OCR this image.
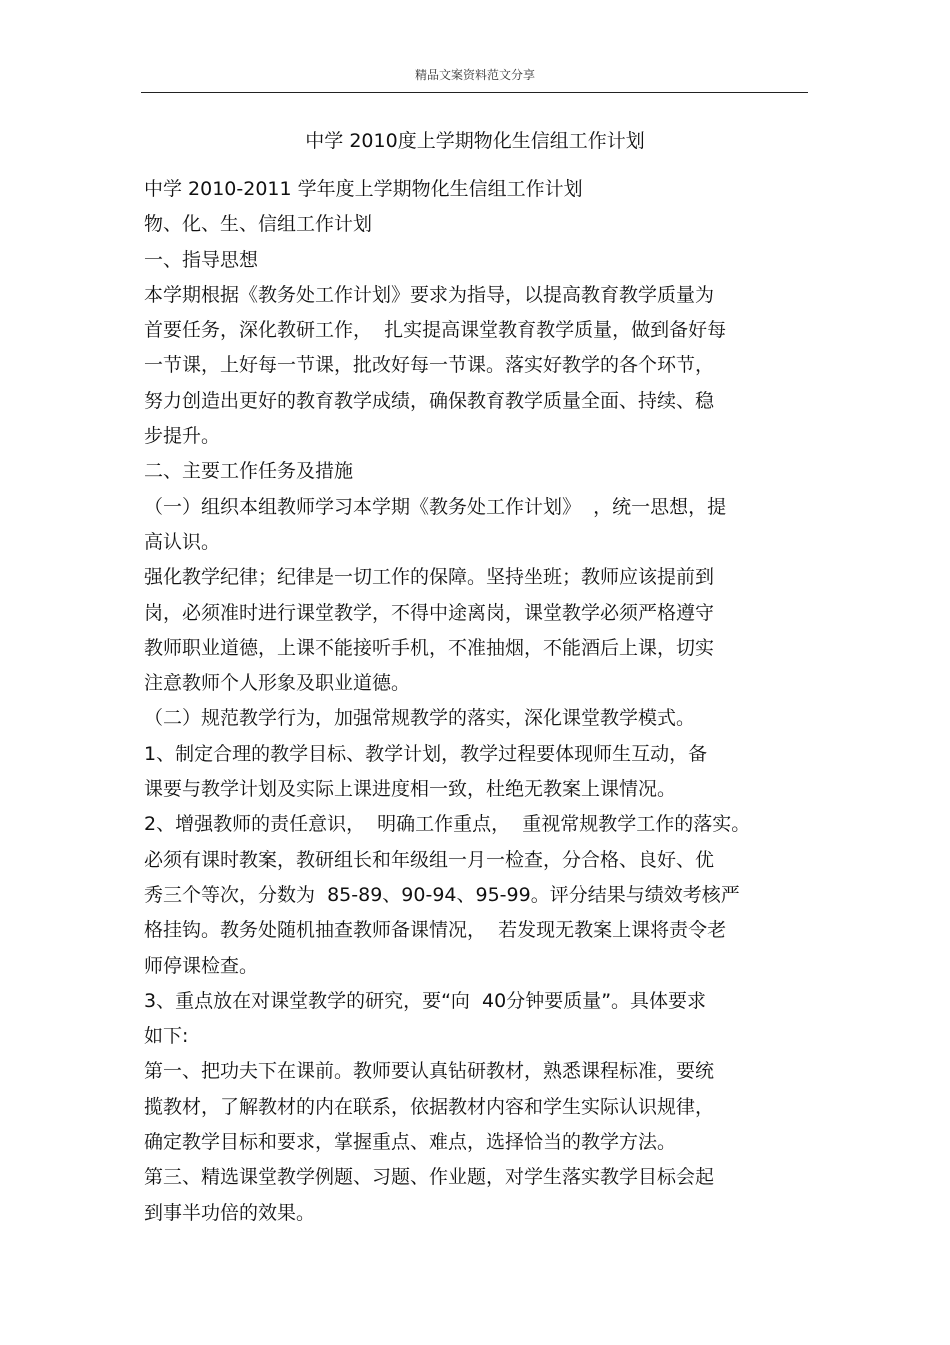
精品文案资料范文分享
中学 2010度上学期物化生信组工作计划
中学 2010-2011 学年度上学期物化生信组工作计划
物、化、生、信组工作计划
一、指导思想
本学期根据《教务处工作计划》要求为指导，以提高教育教学质量为
首要任务，深化教研工作，  扎实提高课堂教育教学质量，做到备好每
一节课，上好每一节课，批改好每一节课。落实好教学的各个环节，
努力创造出更好的教育教学成绩，确保教育教学质量全面、持续、稳
步提升。
二、主要工作任务及措施
（一）组织本组教师学习本学期《教务处工作计划》  ，统一思想，提
高认识。
强化教学纪律；纪律是一切工作的保障。坚持坐班；教师应该提前到
岗，必须准时进行课堂教学，不得中途离岗，课堂教学必须严格遵守
教师职业道德，上课不能接听手机，不准抽烟，不能酒后上课，切实
注意教师个人形象及职业道德。
（二）规范教学行为，加强常规教学的落实，深化课堂教学模式。
1、制定合理的教学目标、教学计划，教学过程要体现师生互动，备
课要与教学计划及实际上课进度相一致，杜绝无教案上课情况。
2、增强教师的责任意识，  明确工作重点，  重视常规教学工作的落实。
必须有课时教案，教研组长和年级组一月一检查，分合格、良好、优
秀三个等次，分数为  85-89、90-94、95-99。评分结果与绩效考核严
格挂钩。教务处随机抽查教师备课情况，  若发现无教案上课将责令老
师停课检查。
3、重点放在对课堂教学的研究，要“向  40分钟要质量”。具体要求
如下:
第一、把功夫下在课前。教师要认真钻研教材，熟悉课程标准，要统
揽教材，了解教材的内在联系，依据教材内容和学生实际认识规律，
确定教学目标和要求，掌握重点、难点，选择恰当的教学方法。
第三、精选课堂教学例题、习题、作业题，对学生落实教学目标会起
到事半功倍的效果。
